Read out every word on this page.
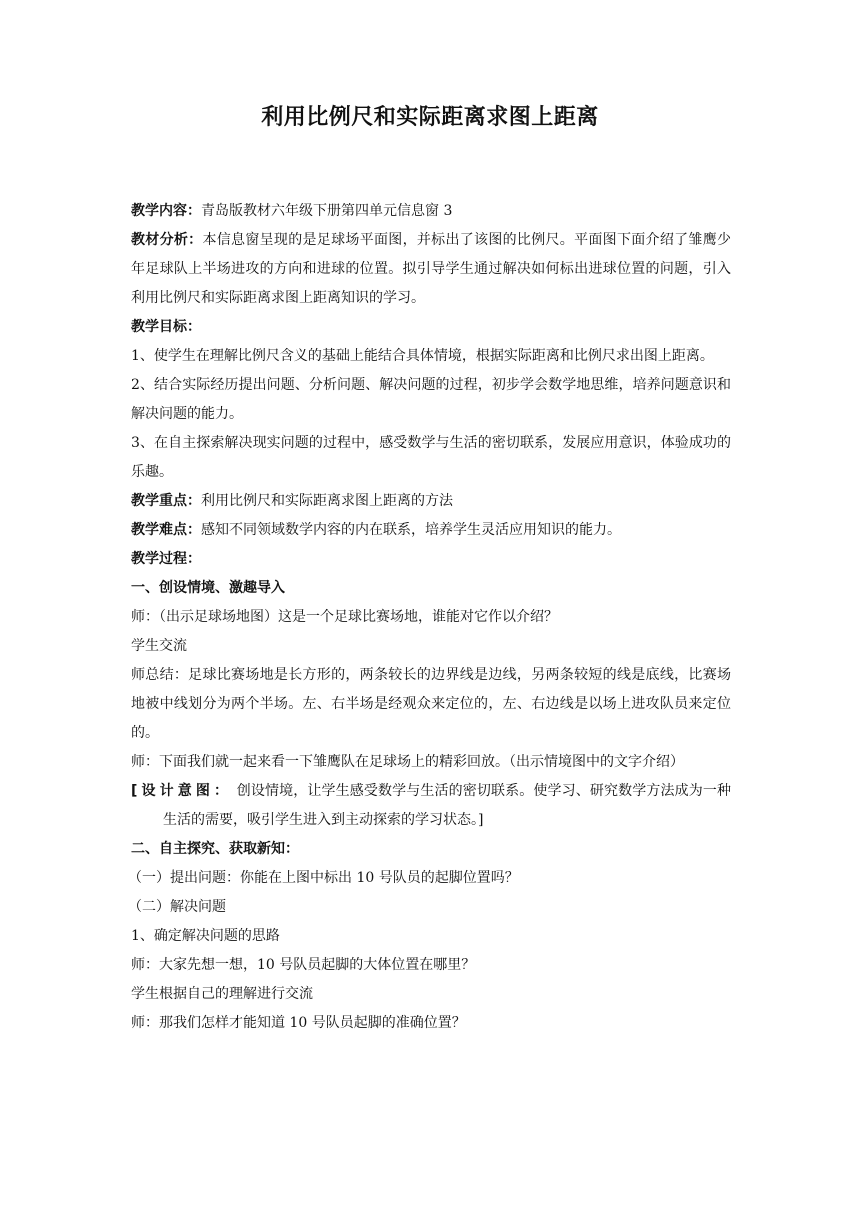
利用比例尺和实际距离求图上距离

教学内容：青岛版教材六年级下册第四单元信息窗 3

教材分析：本信息窗呈现的是足球场平面图，并标出了该图的比例尺。平面图下面介绍了雏鹰少年足球队上半场进攻的方向和进球的位置。拟引导学生通过解决如何标出进球位置的问题，引入利用比例尺和实际距离求图上距离知识的学习。

教学目标：

1、使学生在理解比例尺含义的基础上能结合具体情境，根据实际距离和比例尺求出图上距离。

2、结合实际经历提出问题、分析问题、解决问题的过程，初步学会数学地思维，培养问题意识和解决问题的能力。

3、在自主探索解决现实问题的过程中，感受数学与生活的密切联系，发展应用意识，体验成功的乐趣。

教学重点：利用比例尺和实际距离求图上距离的方法

教学难点：感知不同领域数学内容的内在联系，培养学生灵活应用知识的能力。

教学过程：

一、创设情境、激趣导入

师：（出示足球场地图）这是一个足球比赛场地，谁能对它作以介绍？

学生交流

师总结：足球比赛场地是长方形的，两条较长的边界线是边线，另两条较短的线是底线，比赛场地被中线划分为两个半场。左、右半场是经观众来定位的，左、右边线是以场上进攻队员来定位的。

师：下面我们就一起来看一下雏鹰队在足球场上的精彩回放。（出示情境图中的文字介绍）

[设计意图： 创设情境，让学生感受数学与生活的密切联系。使学习、研究数学方法成为一种生活的需要，吸引学生进入到主动探索的学习状态。]

二、自主探究、获取新知：

（一）提出问题：你能在上图中标出 10 号队员的起脚位置吗？

（二）解决问题

1、确定解决问题的思路

师：大家先想一想，10 号队员起脚的大体位置在哪里？

学生根据自己的理解进行交流

师：那我们怎样才能知道 10 号队员起脚的准确位置？
